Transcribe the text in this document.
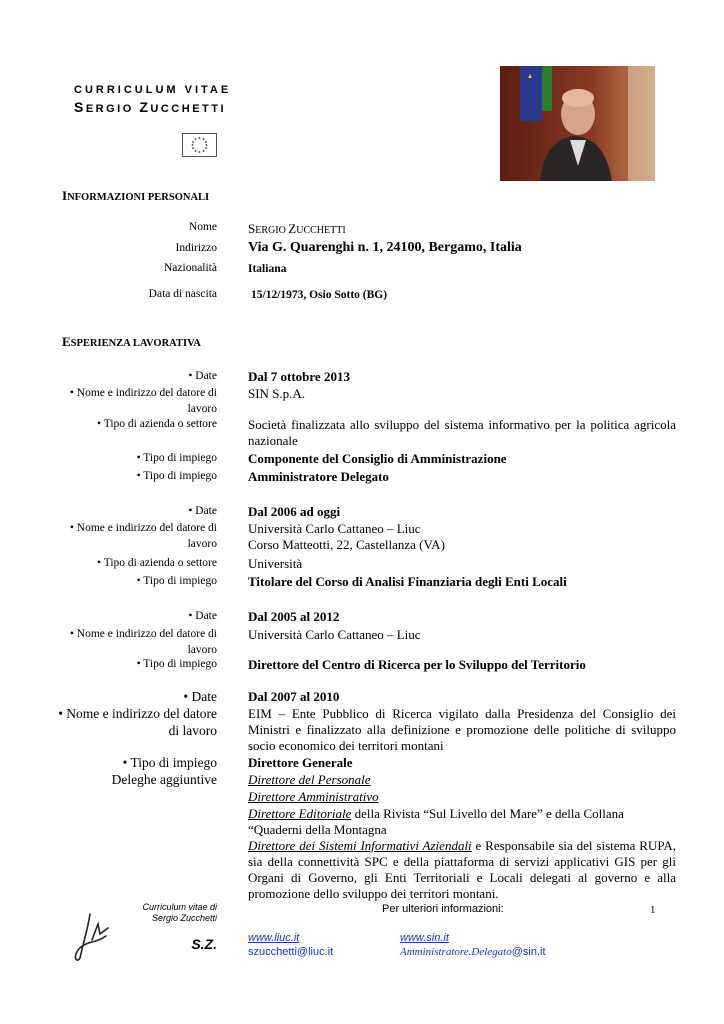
CURRICULUM VITAE
SERGIO ZUCCHETTI
INFORMAZIONI PERSONALI
Nome SERGIO ZUCCHETTI
Indirizzo Via G. Quarenghi n. 1, 24100, Bergamo, Italia
Nazionalità	Italiana
Data di nascita	15/12/1973, Osio Sotto (BG)
ESPERIENZA LAVORATIVA
• Date Dal 7 ottobre 2013
• Nome e indirizzo del datore di
lavoro
SIN S.p.A.
• Tipo di azienda o settore Società finalizzata allo sviluppo del sistema informativo per la politica agricola nazionale
• Tipo di impiego Componente del Consiglio di Amministrazione
• Tipo di impiego Amministratore Delegato
• Date Dal 2006 ad oggi
• Nome e indirizzo del datore di
lavoro
Università Carlo Cattaneo – Liuc
Corso Matteotti, 22, Castellanza (VA)
• Tipo di azienda o settore Università
• Tipo di impiego Titolare del Corso di Analisi Finanziaria degli Enti Locali
• Date Dal 2005 al 2012
• Nome e indirizzo del datore di
lavoro
Università Carlo Cattaneo – Liuc
• Tipo di impiego Direttore del Centro di Ricerca per lo Sviluppo del Territorio
• Date Dal 2007 al 2010
• Nome e indirizzo del datore
di lavoro
EIM – Ente Pubblico di Ricerca vigilato dalla Presidenza del Consiglio dei Ministri e finalizzato alla definizione e promozione delle politiche di sviluppo socio economico dei territori montani
• Tipo di impiego Direttore Generale
Deleghe aggiuntive Direttore del Personale
Direttore Amministrativo
Direttore Editoriale della Rivista “Sul Livello del Mare” e della Collana “Quaderni della Montagna
Direttore dei Sistemi Informativi Aziendali e Responsabile sia del sistema RUPA, sia della connettività SPC e della piattaforma di servizi applicativi GIS per gli Organi di Governo, gli Enti Territoriali e Locali delegati al governo e alla promozione dello sviluppo dei territori montani.
Curriculum vitae di
Sergio Zucchetti
S.Z.
Per ulteriori informazioni:	1
www.liuc.it
szucchetti@liuc.it
www.sin.it
Amministratore.Delegato@sin.it
